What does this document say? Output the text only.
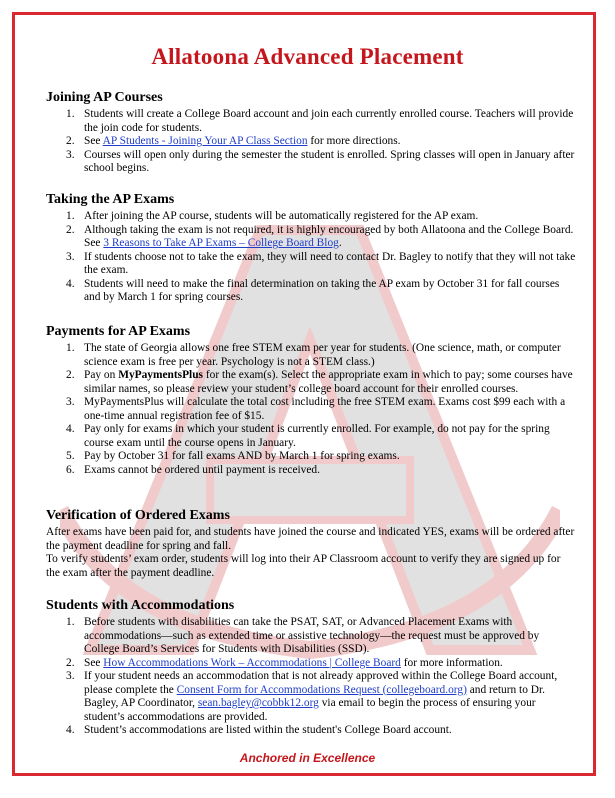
Allatoona Advanced Placement
Joining AP Courses
1. Students will create a College Board account and join each currently enrolled course. Teachers will provide the join code for students.
2. See AP Students - Joining Your AP Class Section for more directions.
3. Courses will open only during the semester the student is enrolled. Spring classes will open in January after school begins.
Taking the AP Exams
1. After joining the AP course, students will be automatically registered for the AP exam.
2. Although taking the exam is not required, it is highly encouraged by both Allatoona and the College Board. See 3 Reasons to Take AP Exams – College Board Blog.
3. If students choose not to take the exam, they will need to contact Dr. Bagley to notify that they will not take the exam.
4. Students will need to make the final determination on taking the AP exam by October 31 for fall courses and by March 1 for spring courses.
Payments for AP Exams
1. The state of Georgia allows one free STEM exam per year for students. (One science, math, or computer science exam is free per year. Psychology is not a STEM class.)
2. Pay on MyPaymentsPlus for the exam(s). Select the appropriate exam in which to pay; some courses have similar names, so please review your student’s college board account for their enrolled courses.
3. MyPaymentsPlus will calculate the total cost including the free STEM exam. Exams cost $99 each with a one-time annual registration fee of $15.
4. Pay only for exams in which your student is currently enrolled. For example, do not pay for the spring course exam until the course opens in January.
5. Pay by October 31 for fall exams AND by March 1 for spring exams.
6. Exams cannot be ordered until payment is received.
Verification of Ordered Exams

After exams have been paid for, and students have joined the course and indicated YES, exams will be ordered after the payment deadline for spring and fall.

To verify students’ exam order, students will log into their AP Classroom account to verify they are signed up for the exam after the payment deadline.

Students with Accommodations
1. Before students with disabilities can take the PSAT, SAT, or Advanced Placement Exams with accommodations—such as extended time or assistive technology—the request must be approved by College Board’s Services for Students with Disabilities (SSD).
2. See How Accommodations Work – Accommodations | College Board for more information.
3. If your student needs an accommodation that is not already approved within the College Board account, please complete the Consent Form for Accommodations Request (collegeboard.org) and return to Dr. Bagley, AP Coordinator, sean.bagley@cobbk12.org via email to begin the process of ensuring your student’s accommodations are provided.
4. Student’s accommodations are listed within the student's College Board account.
Anchored in Excellence
